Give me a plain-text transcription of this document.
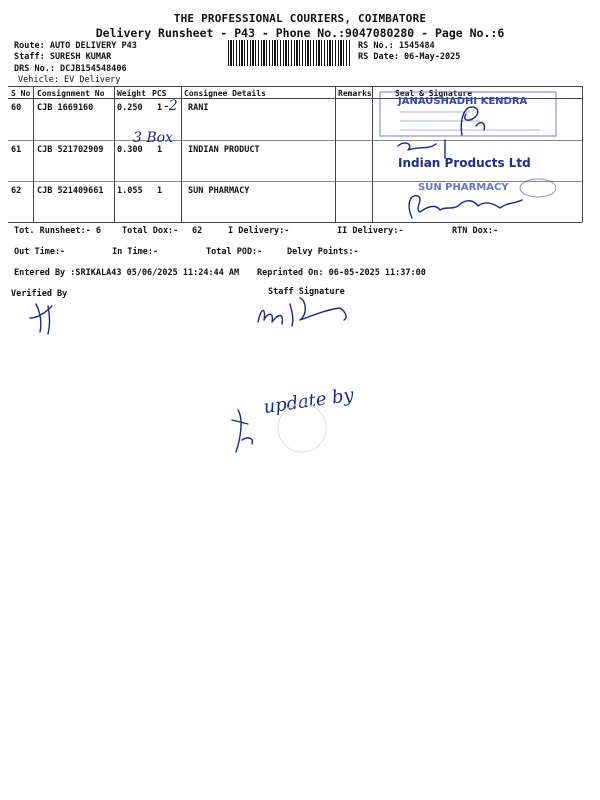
THE PROFESSIONAL COURIERS, COIMBATORE
Delivery Runsheet - P43 - Phone No.:9047080280 - Page No.:6
Route: AUTO DELIVERY P43
Staff: SURESH KUMAR
DRS No.: DCJB154548406
Vehicle: EV Delivery
RS No.: 1545484
RS Date: 06-May-2025
S No Consignment No Weight PCS Consignee Details	Remarks	Seal & Signature
60 CJB 1669160	0.250 1	RANI
61 CJB 521702909 0.300 1	INDIAN PRODUCT
62 CJB 521409661 1.055 1	SUN PHARMACY
-2
3 Box
JANAUSHADHI KENDRA
Indian Products Ltd
SUN PHARMACY
update by
Tot. Runsheet:- 6 Total Dox:- 62	I Delivery:-	II Delivery:-	RTN Dox:-
Out Time:-	In Time:-	Total POD:-	Delvy Points:-
Entered By :SRIKALA43 05/06/2025 11:24:44 AM Reprinted On: 06-05-2025 11:37:00
Verified By	Staff Signature
